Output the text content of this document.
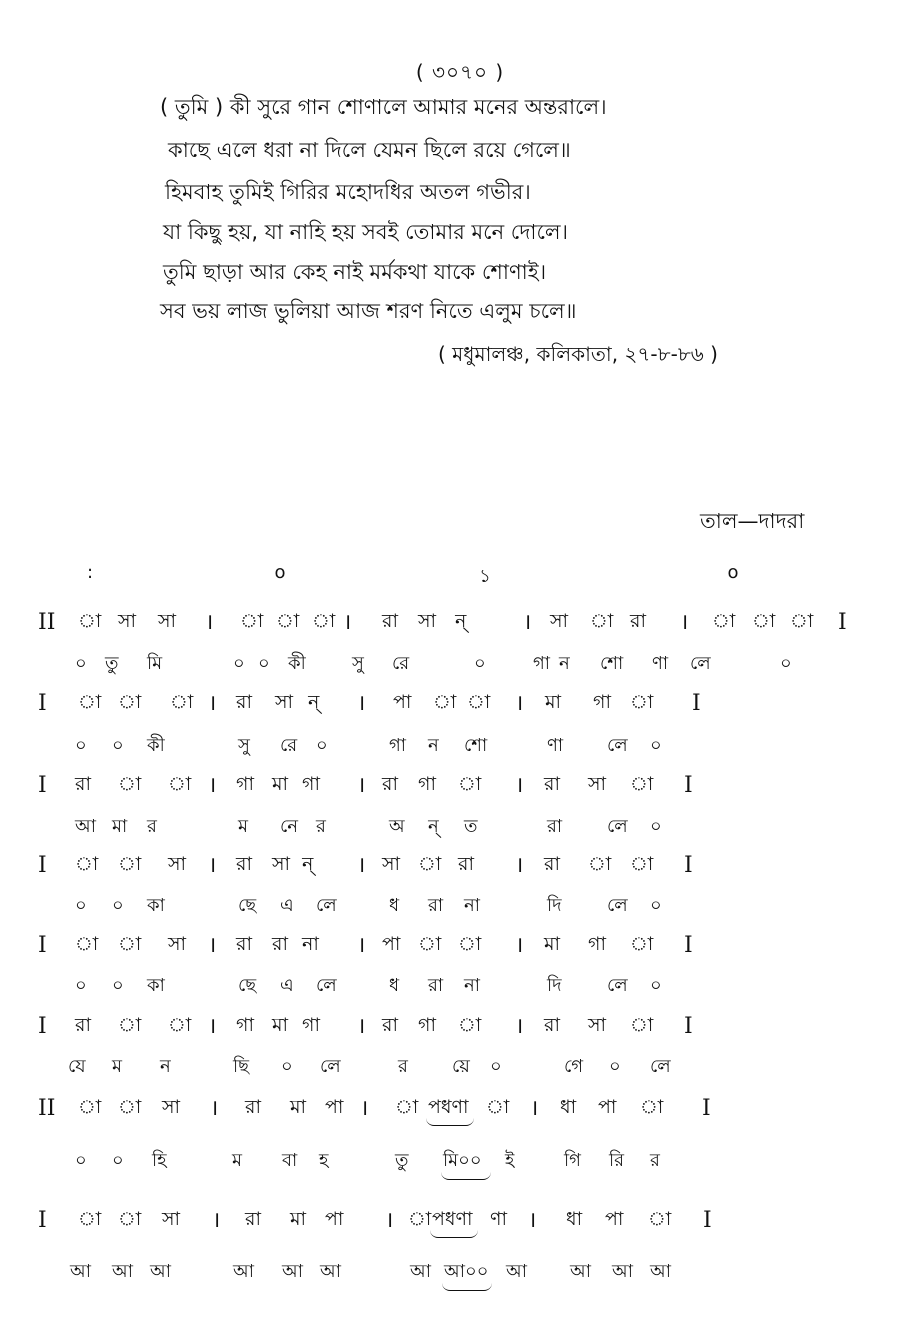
( ৩০৭০ )
( তুমি ) কী সুরে গান শোণালে আমার মনের অন্তরালে।
কাছে এলে ধরা না দিলে যেমন ছিলে রয়ে গেলে॥
হিমবাহ তুমিই গিরির মহোদধির অতল গভীর।
যা কিছু হয়, যা নাহি হয় সবই তোমার মনে দোলে।
তুমি ছাড়া আর কেহ নাই মর্মকথা যাকে শোণাই।
সব ভয় লাজ ভুলিয়া আজ শরণ নিতে এলুম চলে॥
( মধুমালঞ্চ, কলিকাতা, ২৭-৮-৮৬ )
তাল—দাদরা
:	o	১	o
II া সা সা । া া া । রা সা ন্	। সা া রা । া া া I
০ তু মি	০ ০ কী	সু রে	০	গা ন শো ণা লে	০
I া া া । রা সা ন্ । পা া া । মা গা া I
০ ০ কী	সু রে ০	গা ন শো	ণা লে ০
I রা া া । গা মা গা । রা গা া । রা সা া I
আ মা র	ম নে র	অ ন্ ত	রা লে ০
I া া সা । রা সা ন্ । সা া রা । রা া া I
০ ০ কা	ছে এ লে	ধ রা না	দি	লে ০
I া া সা । রা রা না । পা া া । মা গা া I
০ ০ কা	ছে এ লে	ধ রা না	দি	লে ০
I রা া া । গা মা গা । রা গা া । রা সা া I
যে ম ন	ছি ০ লে	র য়ে ০	গে ০ লে
II া া সা । রা মা পা । া পধণা া । ধা পা া I
০ ০ হি	ম বা হ	তু মি০০ ই	গি রি র
I া া সা । রা মা পা । া পধণা ণা । ধা পা া I
আ আ আ	আ আ আ	আ আ০০ আ আ আ আ
